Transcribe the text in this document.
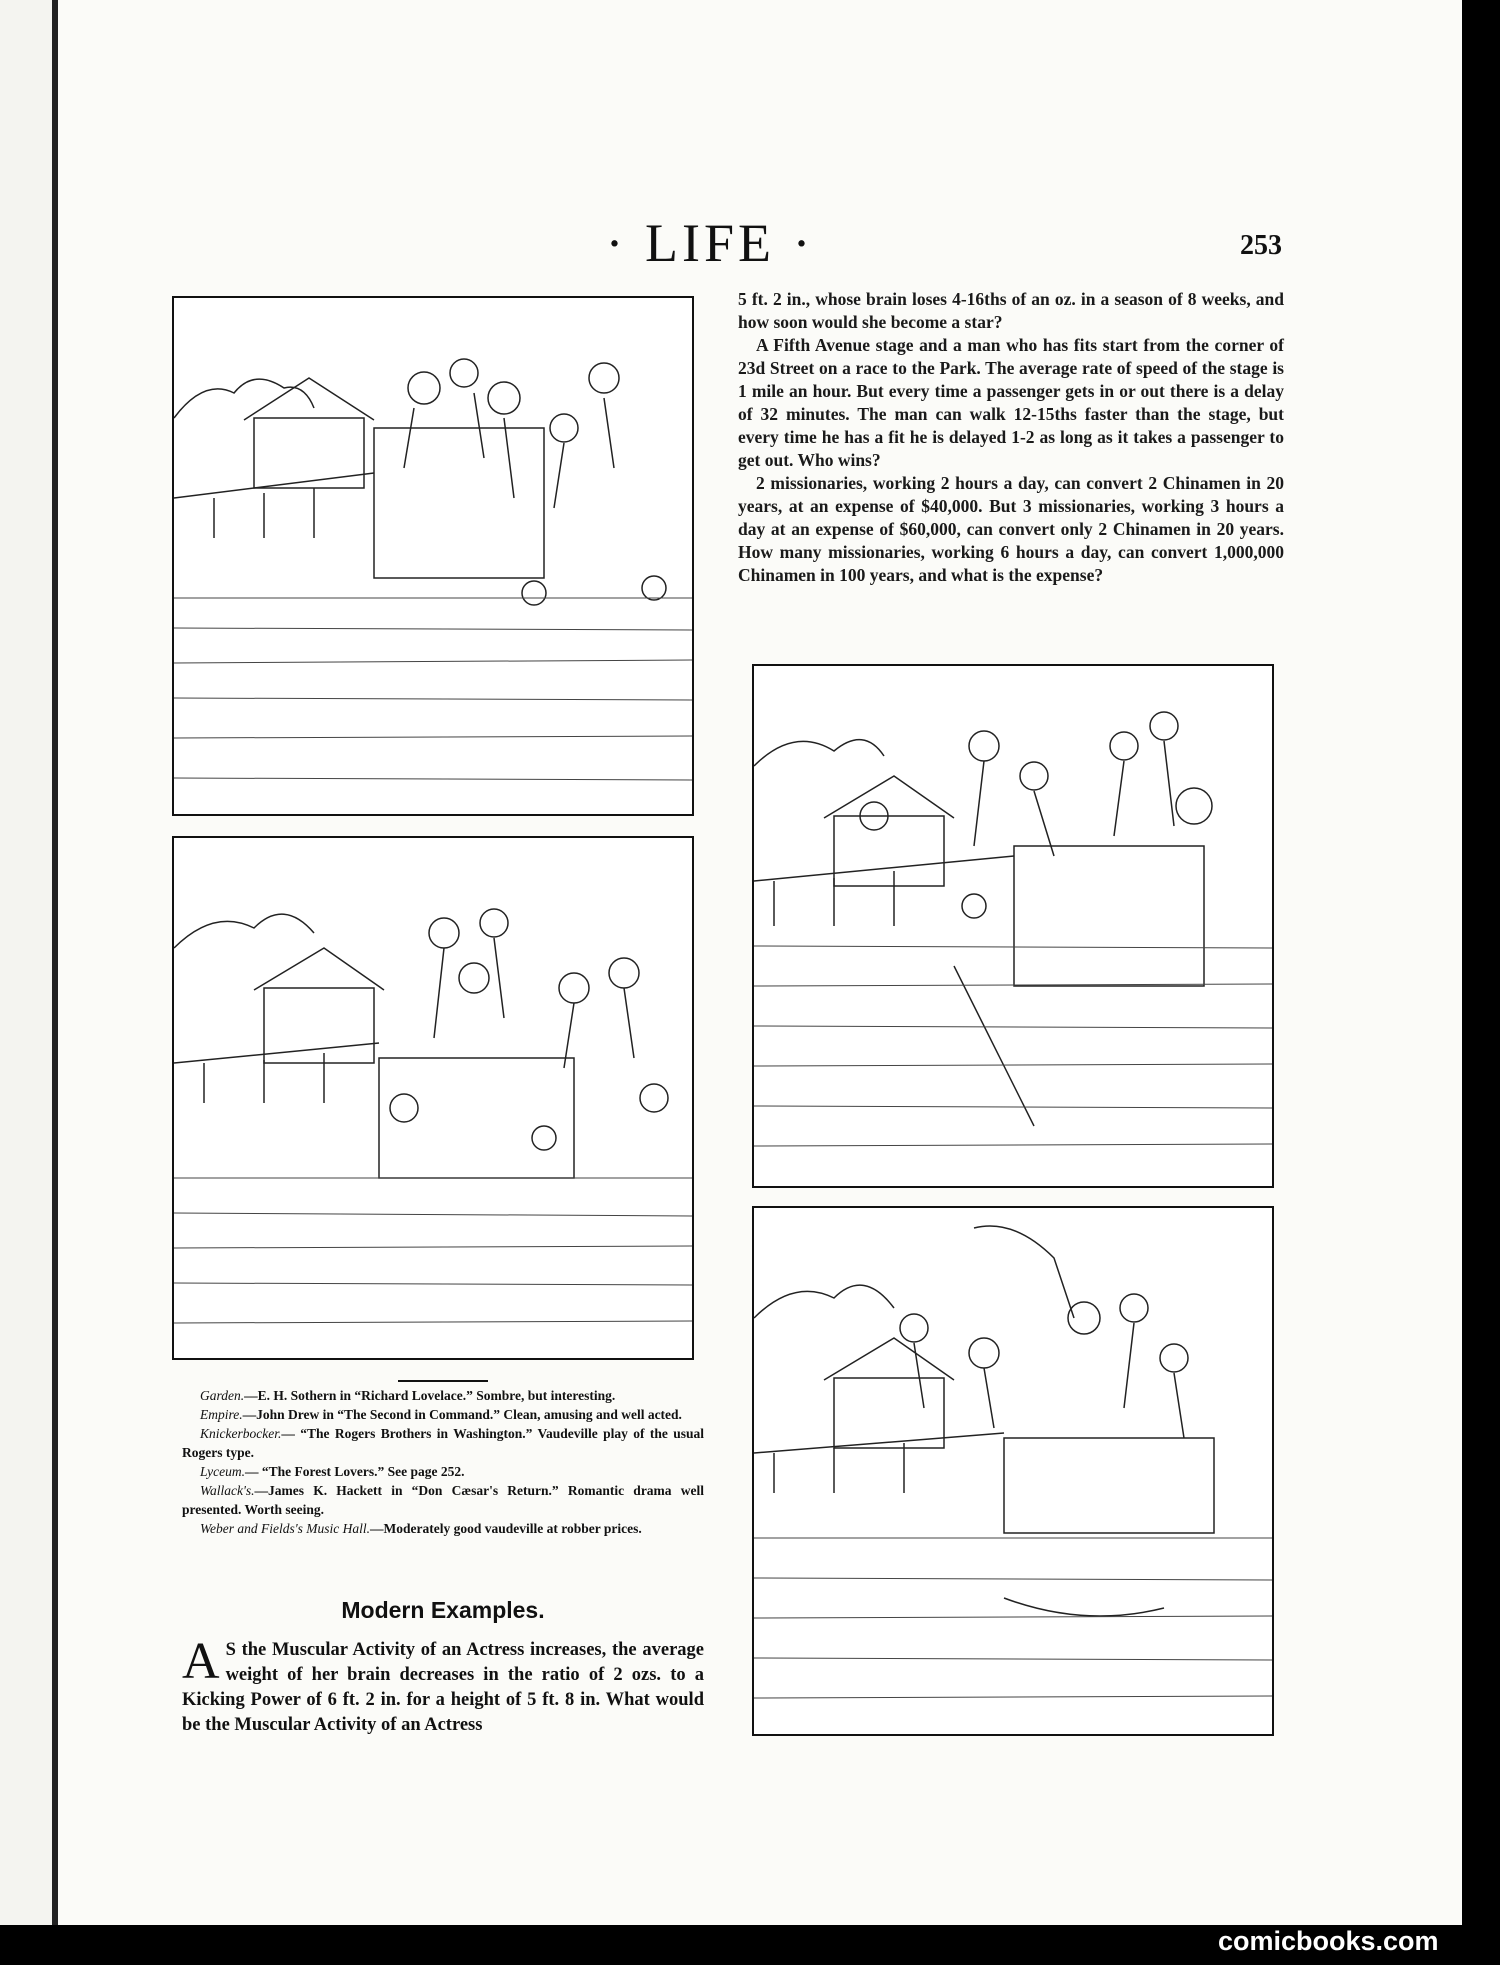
· LIFE ·	253

5 ft. 2 in., whose brain loses 4-16ths of an oz. in a season of 8 weeks, and how soon would she become a star?

A Fifth Avenue stage and a man who has fits start from the corner of 23d Street on a race to the Park. The average rate of speed of the stage is 1 mile an hour. But every time a passenger gets in or out there is a delay of 32 minutes. The man can walk 12-15ths faster than the stage, but every time he has a fit he is delayed 1-2 as long as it takes a passenger to get out. Who wins?

2 missionaries, working 2 hours a day, can convert 2 Chinamen in 20 years, at an expense of $40,000. But 3 missionaries, working 3 hours a day at an expense of $60,000, can convert only 2 Chinamen in 20 years. How many missionaries, working 6 hours a day, can convert 1,000,000 Chinamen in 100 years, and what is the expense?

Garden.—E. H. Sothern in “Richard Lovelace.” Sombre, but interesting.

Empire.—John Drew in “The Second in Command.” Clean, amusing and well acted.

Knickerbocker.— “The Rogers Brothers in Washington.” Vaudeville play of the usual Rogers type.

Lyceum.— “The Forest Lovers.” See page 252.

Wallack's.—James K. Hackett in “Don Cæsar's Return.” Romantic drama well presented. Worth seeing.

Weber and Fields's Music Hall.—Moderately good vaudeville at robber prices.

Modern Examples.
A S the Muscular Activity of an Actress increases, the average weight of her brain decreases in the ratio of 2 ozs. to a Kicking Power of 6 ft. 2 in. for a height of 5 ft. 8 in. What would be the Muscular Activity of an Actress
comicbooks.com
